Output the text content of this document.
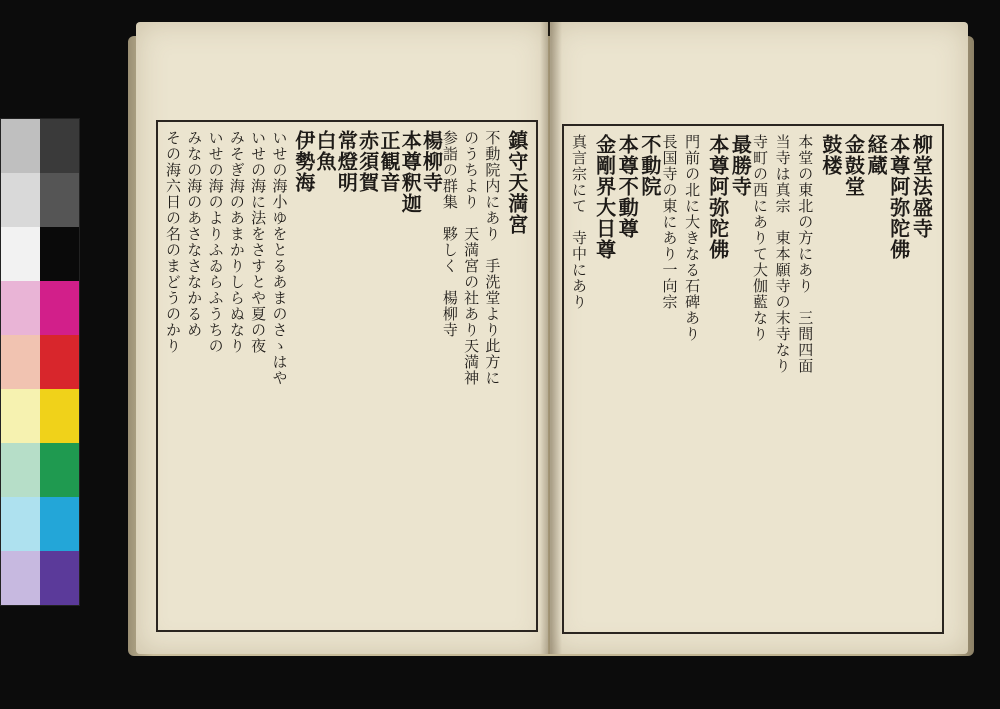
鎮守天満宮
不動院内にあり　手洗堂より此方に
のうちより　天満宮の社あり天満神
参詣の群集　夥しく　楊柳寺
楊柳寺
本尊釈迦
正観音
赤須賀
常燈明
白魚
伊勢海
いせの海小ゆをとるあまのさゝはや
いせの海に法をさすとや夏の夜
みそぎ海のあまかりしらぬなり
いせの海のよりふゐらふうちの
みなの海のあさなさなかるめ
その海六日の名のまどうのかり	柳堂法盛寺
本尊阿弥陀佛
経蔵
金鼓堂
鼓楼
本堂の東北の方にあり　三間四面
当寺は真宗　東本願寺の末寺なり
寺町の西にありて大伽藍なり
最勝寺
本尊阿弥陀佛
門前の北に大きなる石碑あり
長国寺の東にあり一向宗
不動院
本尊不動尊
金剛界大日尊
真言宗にて　寺中にあり
